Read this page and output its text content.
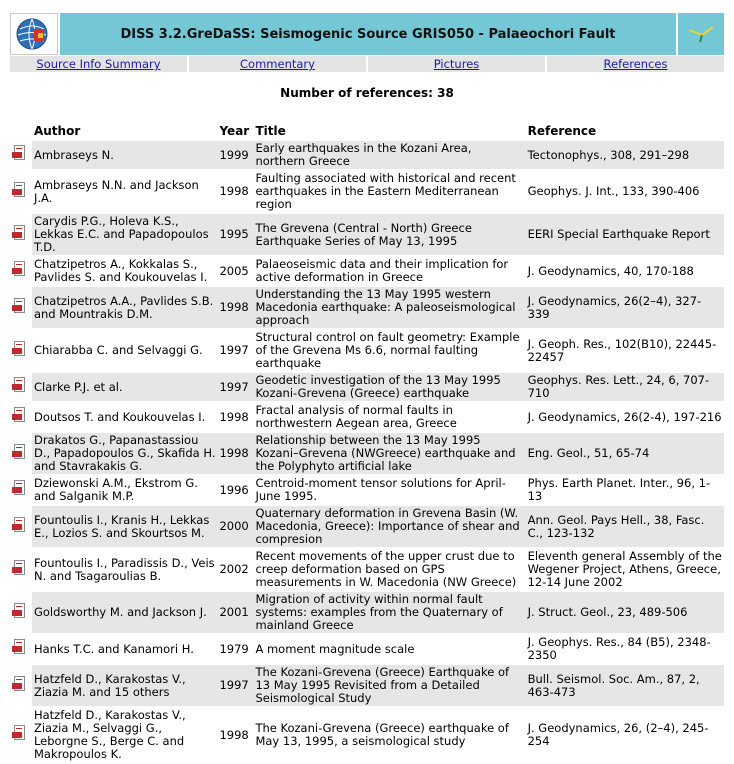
DISS 3.2.GreDaSS: Seismogenic Source GRIS050 - Palaeochori Fault
Source Info Summary	Commentary	Pictures	References
Number of references: 38
	Author	Year	Title	Reference

	Ambraseys N.	1999	Early earthquakes in the Kozani Area, northern Greece	Tectonophys., 308, 291–298

	Ambraseys N.N. and Jackson J.A.	1998	Faulting associated with historical and recent earthquakes in the Eastern Mediterranean region	Geophys. J. Int., 133, 390-406

	Carydis P.G., Holeva K.S., Lekkas E.C. and Papadopoulos T.D.	1995	The Grevena (Central - North) Greece Earthquake Series of May 13, 1995	EERI Special Earthquake Report

	Chatzipetros A., Kokkalas S., Pavlides S. and Koukouvelas I.	2005	Palaeoseismic data and their implication for active deformation in Greece	J. Geodynamics, 40, 170-188

	Chatzipetros A.A., Pavlides S.B. and Mountrakis D.M.	1998	Understanding the 13 May 1995 western Macedonia earthquake: A paleoseismological approach	J. Geodynamics, 26(2–4), 327-339

	Chiarabba C. and Selvaggi G.	1997	Structural control on fault geometry: Example of the Grevena Ms 6.6, normal faulting earthquake	J. Geoph. Res., 102(B10), 22445-22457

	Clarke P.J. et al.	1997	Geodetic investigation of the 13 May 1995 Kozani-Grevena (Greece) earthquake	Geophys. Res. Lett., 24, 6, 707-710

	Doutsos T. and Koukouvelas I.	1998	Fractal analysis of normal faults in northwestern Aegean area, Greece	J. Geodynamics, 26(2-4), 197-216

	Drakatos G., Papanastassiou D., Papadopoulos G., Skafida H. and Stavrakakis G.	1998	Relationship between the 13 May 1995 Kozani–Grevena (NWGreece) earthquake and the Polyphyto artificial lake	Eng. Geol., 51, 65-74

	Dziewonski A.M., Ekstrom G. and Salganik M.P.	1996	Centroid-moment tensor solutions for April-June 1995.	Phys. Earth Planet. Inter., 96, 1-13

	Fountoulis I., Kranis H., Lekkas E., Lozios S. and Skourtsos M.	2000	Quaternary deformation in Grevena Basin (W. Macedonia, Greece): Importance of shear and compresion	Ann. Geol. Pays Hell., 38, Fasc. C., 123-132

	Fountoulis I., Paradissis D., Veis N. and Tsagaroulias B.	2002	Recent movements of the upper crust due to creep deformation based on GPS measurements in W. Macedonia (NW Greece)	Eleventh general Assembly of the Wegener Project, Athens, Greece, 12-14 June 2002

	Goldsworthy M. and Jackson J.	2001	Migration of activity within normal fault systems: examples from the Quaternary of mainland Greece	J. Struct. Geol., 23, 489-506

	Hanks T.C. and Kanamori H.	1979	A moment magnitude scale	J. Geophys. Res., 84 (B5), 2348-2350

	Hatzfeld D., Karakostas V., Ziazia M. and 15 others	1997	The Kozani-Grevena (Greece) Earthquake of 13 May 1995 Revisited from a Detailed Seismological Study	Bull. Seismol. Soc. Am., 87, 2, 463-473

	Hatzfeld D., Karakostas V., Ziazia M., Selvaggi G., Leborgne S., Berge C. and Makropoulos K.	1998	The Kozani-Grevena (Greece) earthquake of May 13, 1995, a seismological study	J. Geodynamics, 26, (2–4), 245-254
